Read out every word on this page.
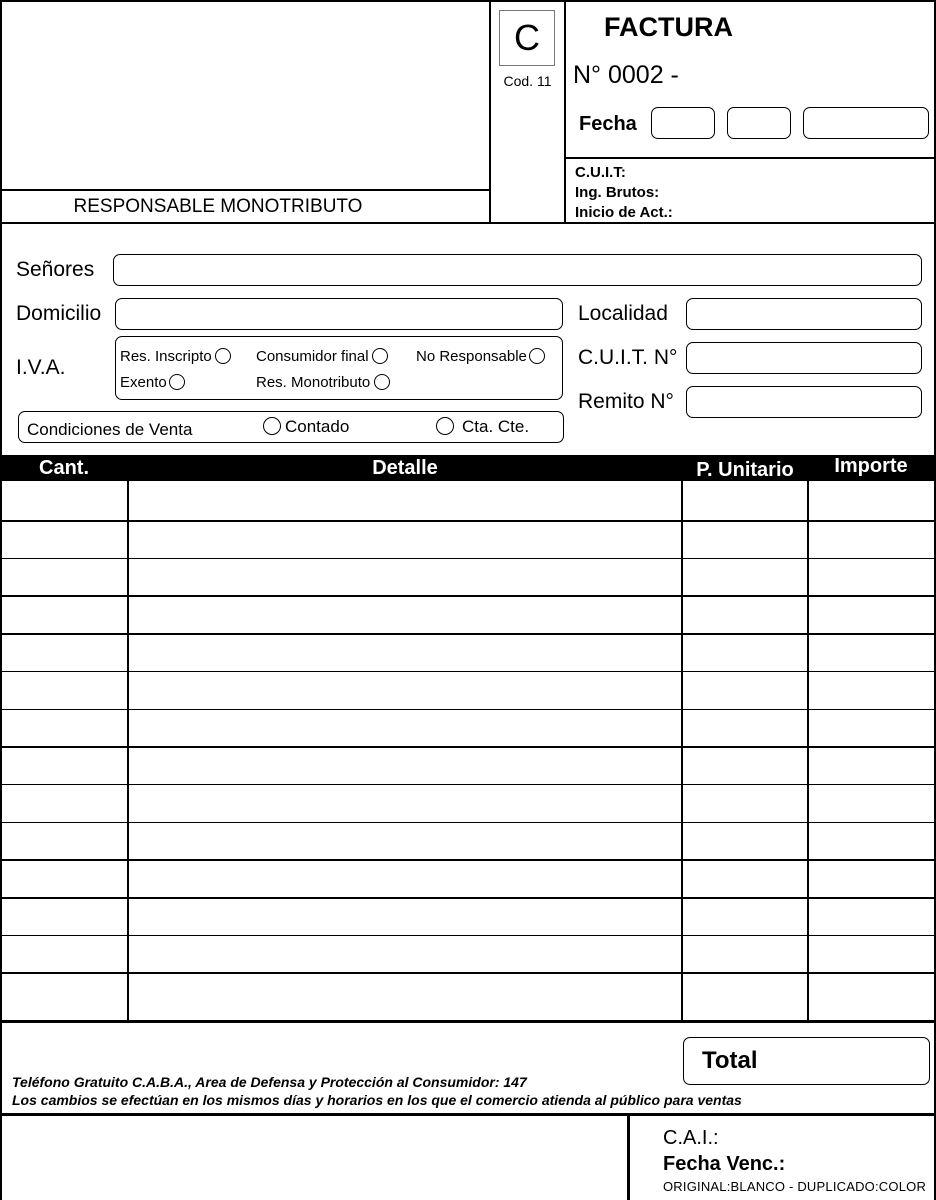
RESPONSABLE MONOTRIBUTO
C
Cod. 11
FACTURA
N° 0002 -
Fecha
C.U.I.T:
Ing. Brutos:
Inicio de Act.:
Señores
Domicilio	Localidad
I.V.A.	Res. Inscripto	Consumidor final	No Responsable
Exento	Res. Monotributo
C.U.I.T. N°
Remito N°
Condiciones de Venta	Contado	Cta. Cte.
Cant.	Detalle	P. Unitario	Importe
Total
Teléfono Gratuito C.A.B.A., Area de Defensa y Protección al Consumidor: 147
Los cambios se efectúan en los mismos días y horarios en los que el comercio atienda al público para ventas
C.A.I.:
Fecha Venc.:
ORIGINAL:BLANCO - DUPLICADO:COLOR
